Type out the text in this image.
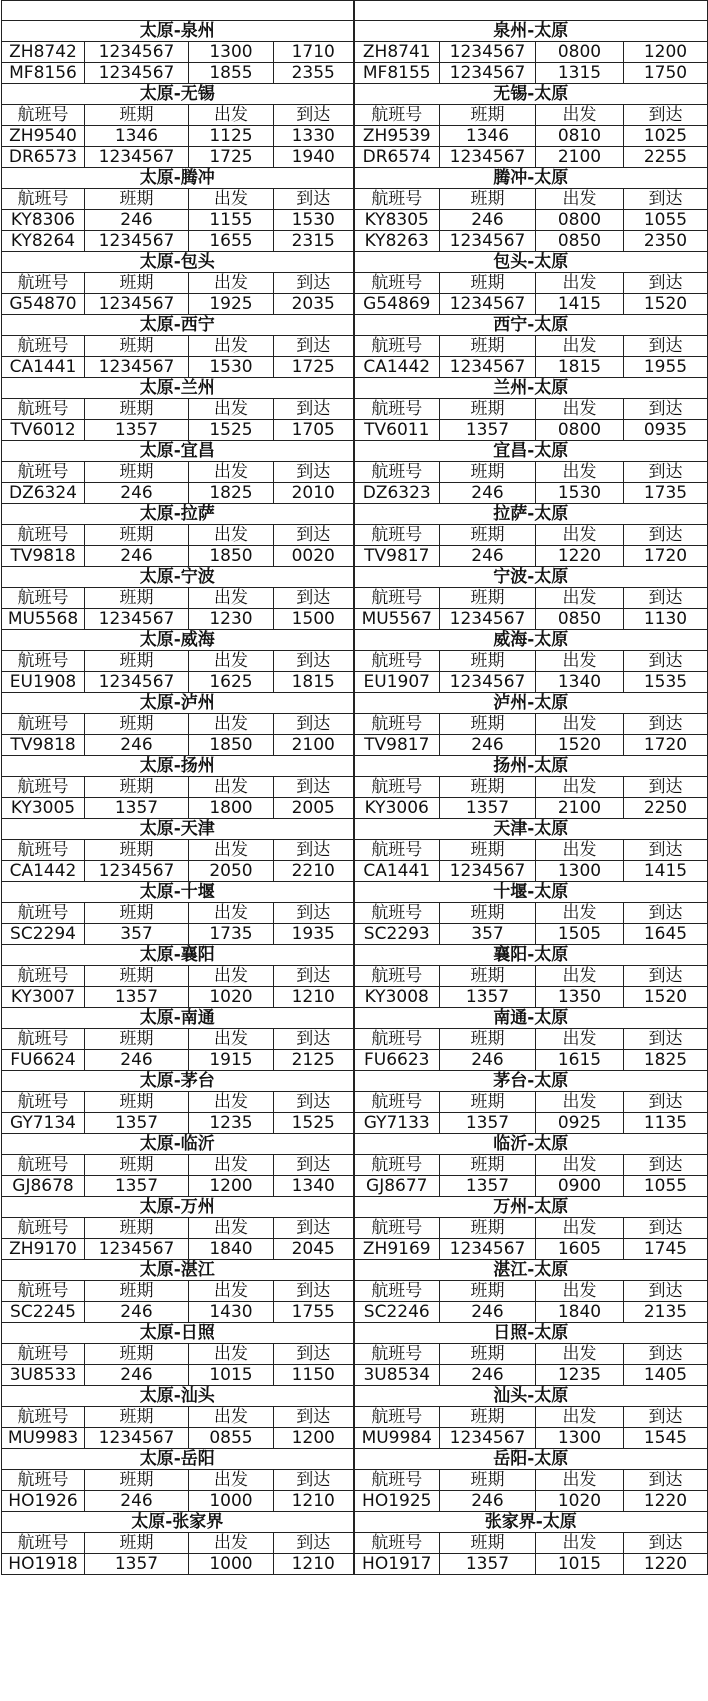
太原-泉州				泉州-太原			
ZH8742	1234567	1300	1710	ZH8741	1234567	0800	1200
MF8156	1234567	1855	2355	MF8155	1234567	1315	1750
太原-无锡				无锡-太原			
航班号	班期	出发	到达	航班号	班期	出发	到达
ZH9540	1346	1125	1330	ZH9539	1346	0810	1025
DR6573	1234567	1725	1940	DR6574	1234567	2100	2255
太原-腾冲				腾冲-太原			
航班号	班期	出发	到达	航班号	班期	出发	到达
KY8306	246	1155	1530	KY8305	246	0800	1055
KY8264	1234567	1655	2315	KY8263	1234567	0850	2350
太原-包头				包头-太原			
航班号	班期	出发	到达	航班号	班期	出发	到达
G54870	1234567	1925	2035	G54869	1234567	1415	1520
太原-西宁				西宁-太原			
航班号	班期	出发	到达	航班号	班期	出发	到达
CA1441	1234567	1530	1725	CA1442	1234567	1815	1955
太原-兰州				兰州-太原			
航班号	班期	出发	到达	航班号	班期	出发	到达
TV6012	1357	1525	1705	TV6011	1357	0800	0935
太原-宜昌				宜昌-太原			
航班号	班期	出发	到达	航班号	班期	出发	到达
DZ6324	246	1825	2010	DZ6323	246	1530	1735
太原-拉萨				拉萨-太原			
航班号	班期	出发	到达	航班号	班期	出发	到达
TV9818	246	1850	0020	TV9817	246	1220	1720
太原-宁波				宁波-太原			
航班号	班期	出发	到达	航班号	班期	出发	到达
MU5568	1234567	1230	1500	MU5567	1234567	0850	1130
太原-威海				威海-太原			
航班号	班期	出发	到达	航班号	班期	出发	到达
EU1908	1234567	1625	1815	EU1907	1234567	1340	1535
太原-泸州				泸州-太原			
航班号	班期	出发	到达	航班号	班期	出发	到达
TV9818	246	1850	2100	TV9817	246	1520	1720
太原-扬州				扬州-太原			
航班号	班期	出发	到达	航班号	班期	出发	到达
KY3005	1357	1800	2005	KY3006	1357	2100	2250
太原-天津				天津-太原			
航班号	班期	出发	到达	航班号	班期	出发	到达
CA1442	1234567	2050	2210	CA1441	1234567	1300	1415
太原-十堰				十堰-太原			
航班号	班期	出发	到达	航班号	班期	出发	到达
SC2294	357	1735	1935	SC2293	357	1505	1645
太原-襄阳				襄阳-太原			
航班号	班期	出发	到达	航班号	班期	出发	到达
KY3007	1357	1020	1210	KY3008	1357	1350	1520
太原-南通				南通-太原			
航班号	班期	出发	到达	航班号	班期	出发	到达
FU6624	246	1915	2125	FU6623	246	1615	1825
太原-茅台				茅台-太原			
航班号	班期	出发	到达	航班号	班期	出发	到达
GY7134	1357	1235	1525	GY7133	1357	0925	1135
太原-临沂				临沂-太原			
航班号	班期	出发	到达	航班号	班期	出发	到达
GJ8678	1357	1200	1340	GJ8677	1357	0900	1055
太原-万州				万州-太原			
航班号	班期	出发	到达	航班号	班期	出发	到达
ZH9170	1234567	1840	2045	ZH9169	1234567	1605	1745
太原-湛江				湛江-太原			
航班号	班期	出发	到达	航班号	班期	出发	到达
SC2245	246	1430	1755	SC2246	246	1840	2135
太原-日照				日照-太原			
航班号	班期	出发	到达	航班号	班期	出发	到达
3U8533	246	1015	1150	3U8534	246	1235	1405
太原-汕头				汕头-太原			
航班号	班期	出发	到达	航班号	班期	出发	到达
MU9983	1234567	0855	1200	MU9984	1234567	1300	1545
太原-岳阳				岳阳-太原			
航班号	班期	出发	到达	航班号	班期	出发	到达
HO1926	246	1000	1210	HO1925	246	1020	1220
太原-张家界				张家界-太原			
航班号	班期	出发	到达	航班号	班期	出发	到达
HO1918	1357	1000	1210	HO1917	1357	1015	1220
